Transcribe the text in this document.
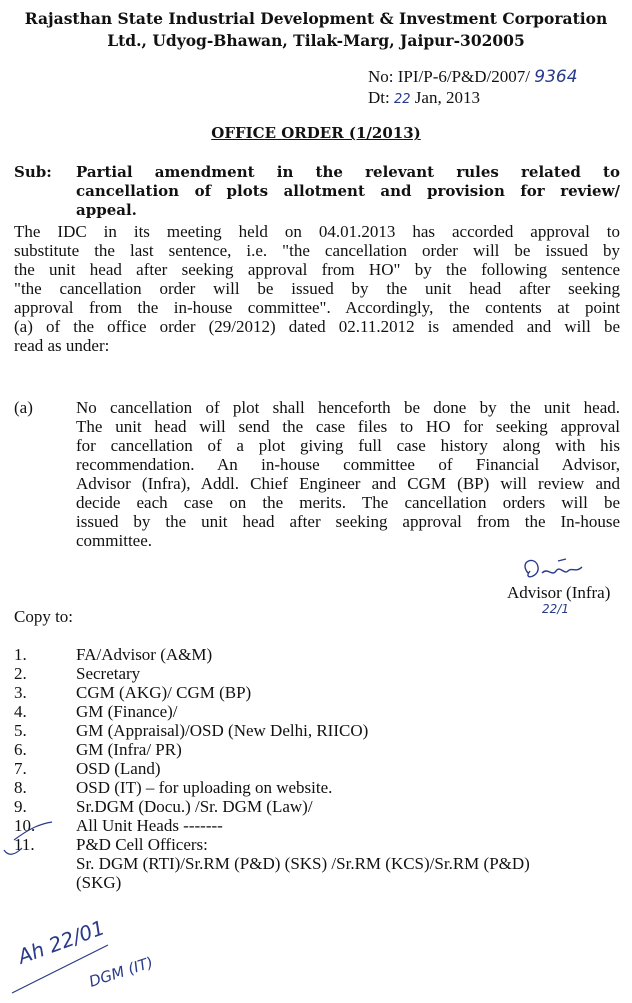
Rajasthan State Industrial Development & Investment Corporation
Ltd., Udyog-Bhawan, Tilak-Marg, Jaipur-302005
No: IPI/P-6/P&D/2007/ 9364
Dt: 22 Jan, 2013
OFFICE ORDER (1/2013)
Sub: Partial amendment in the relevant rules related to
cancellation of plots allotment and provision for review/
appeal.
The IDC in its meeting held on 04.01.2013 has accorded approval to
substitute the last sentence, i.e. "the cancellation order will be issued by
the unit head after seeking approval from HO" by the following sentence
"the cancellation order will be issued by the unit head after seeking
approval from the in-house committee". Accordingly, the contents at point
(a) of the office order (29/2012) dated 02.11.2012 is amended and will be
read as under:
(a)	No cancellation of plot shall henceforth be done by the unit head.
The unit head will send the case files to HO for seeking approval
for cancellation of a plot giving full case history along with his
recommendation. An in-house committee of Financial Advisor,
Advisor (Infra), Addl. Chief Engineer and CGM (BP) will review and
decide each case on the merits. The cancellation orders will be
issued by the unit head after seeking approval from the In-house
committee.
Advisor (Infra)
22/1
Copy to:
1.	FA/Advisor (A&M)
2.	Secretary
3.	CGM (AKG)/ CGM (BP)
4.	GM (Finance)/
5.	GM (Appraisal)/OSD (New Delhi, RIICO)
6.	GM (Infra/ PR)
7.	OSD (Land)
8.	OSD (IT) – for uploading on website.
9.	Sr.DGM (Docu.) /Sr. DGM (Law)/
10. All Unit Heads -------
11. P&D Cell Officers:
Sr. DGM (RTI)/Sr.RM (P&D) (SKS) /Sr.RM (KCS)/Sr.RM (P&D)
(SKG)
Ah 22/01
DGM (IT)
